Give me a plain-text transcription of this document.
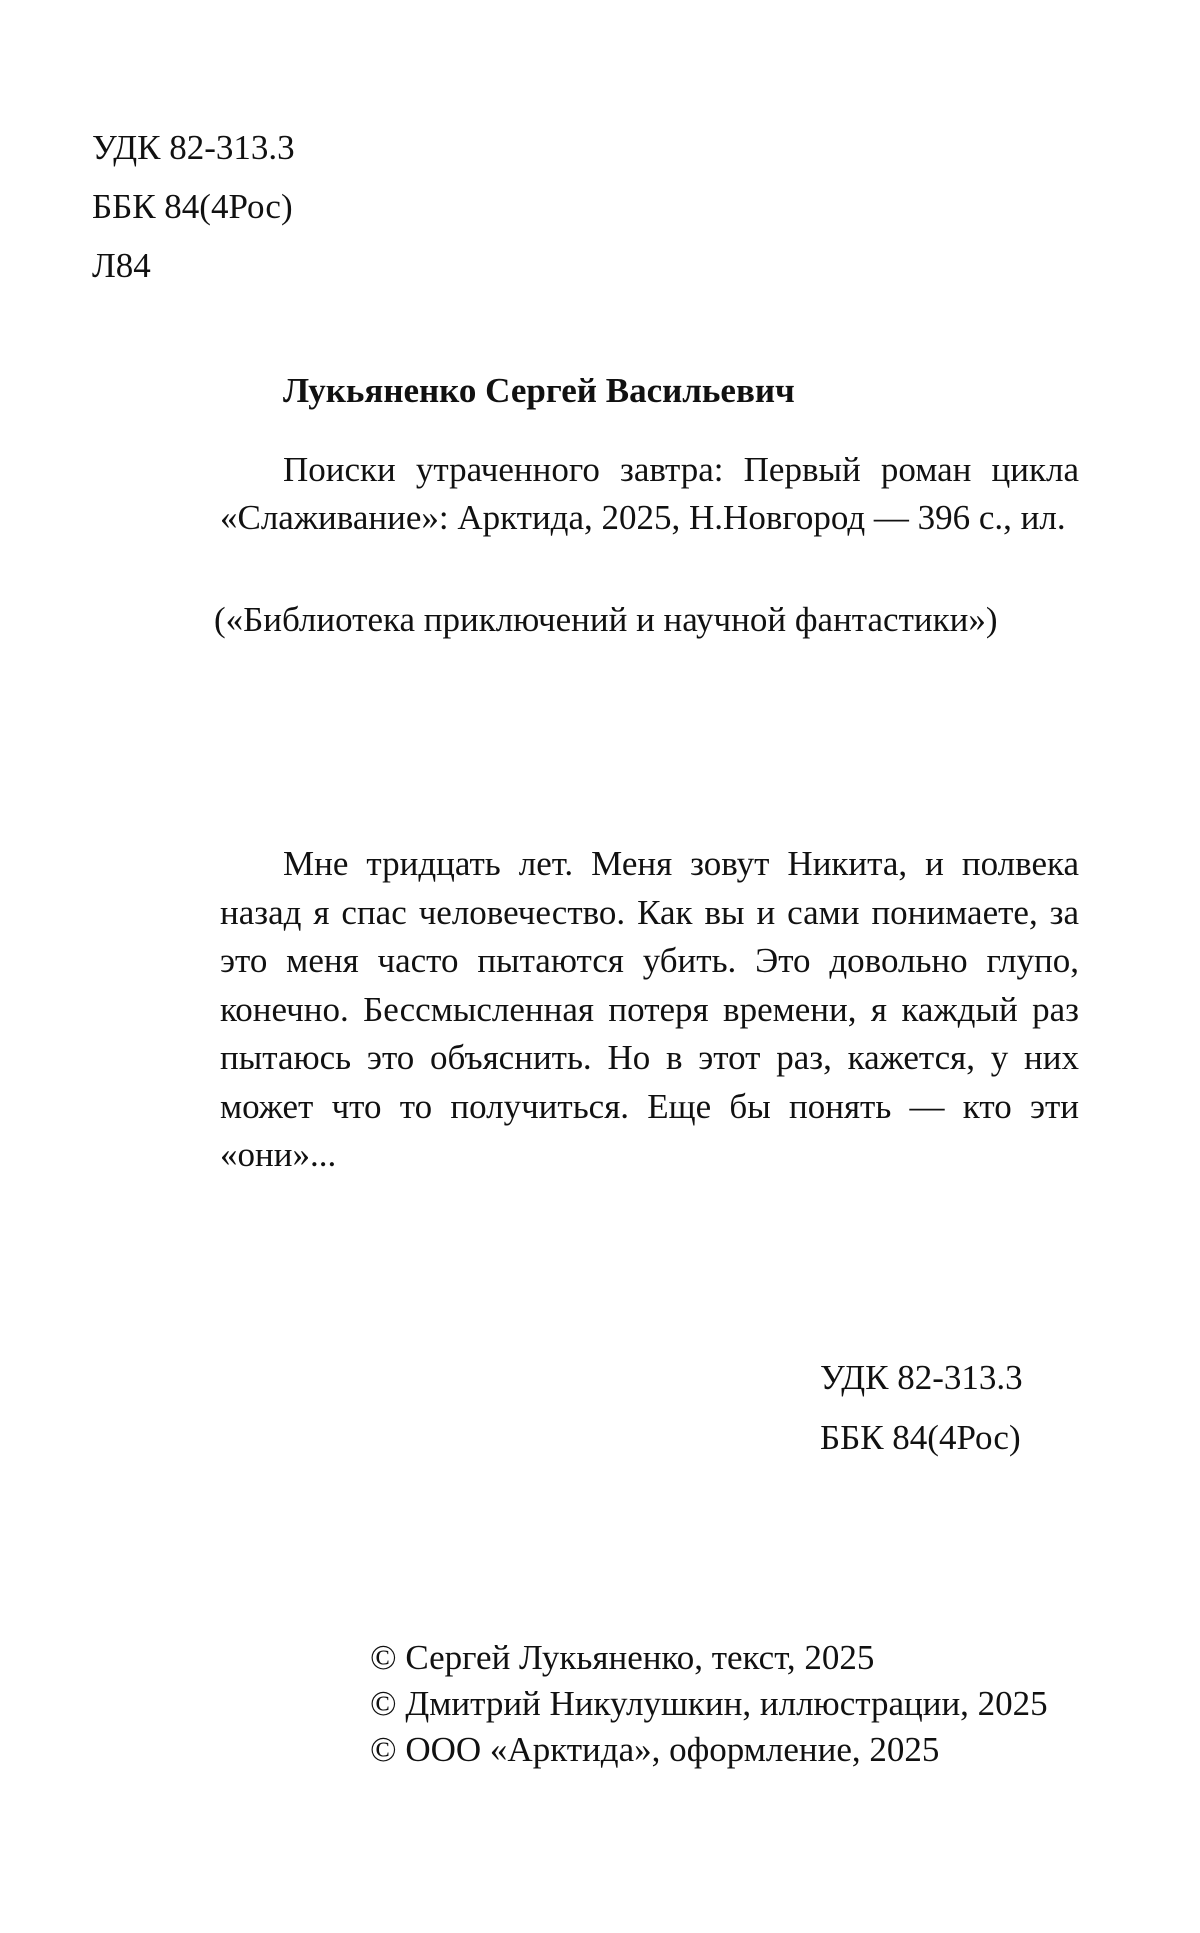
УДК 82-313.3
ББК 84(4Рос)
Л84
Лукьяненко Сергей Васильевич

Поиски утраченного завтра: Первый роман цикла «Слаживание»: Арктида, 2025, Н.Новгород — 396 с., ил.

(«Библиотека приключений и научной фантастики»)

Мне тридцать лет. Меня зовут Никита, и полвека назад я спас человечество. Как вы и сами понимаете, за это меня часто пытаются убить. Это довольно глупо, конечно. Бессмысленная потеря времени, я каждый раз пытаюсь это объяснить. Но в этот раз, кажется, у них может что то получиться. Еще бы понять — кто эти «они»...

УДК 82-313.3
ББК 84(4Рос)
© Сергей Лукьяненко, текст, 2025
© Дмитрий Никулушкин, иллюстрации, 2025
© ООО «Арктида», оформление, 2025
